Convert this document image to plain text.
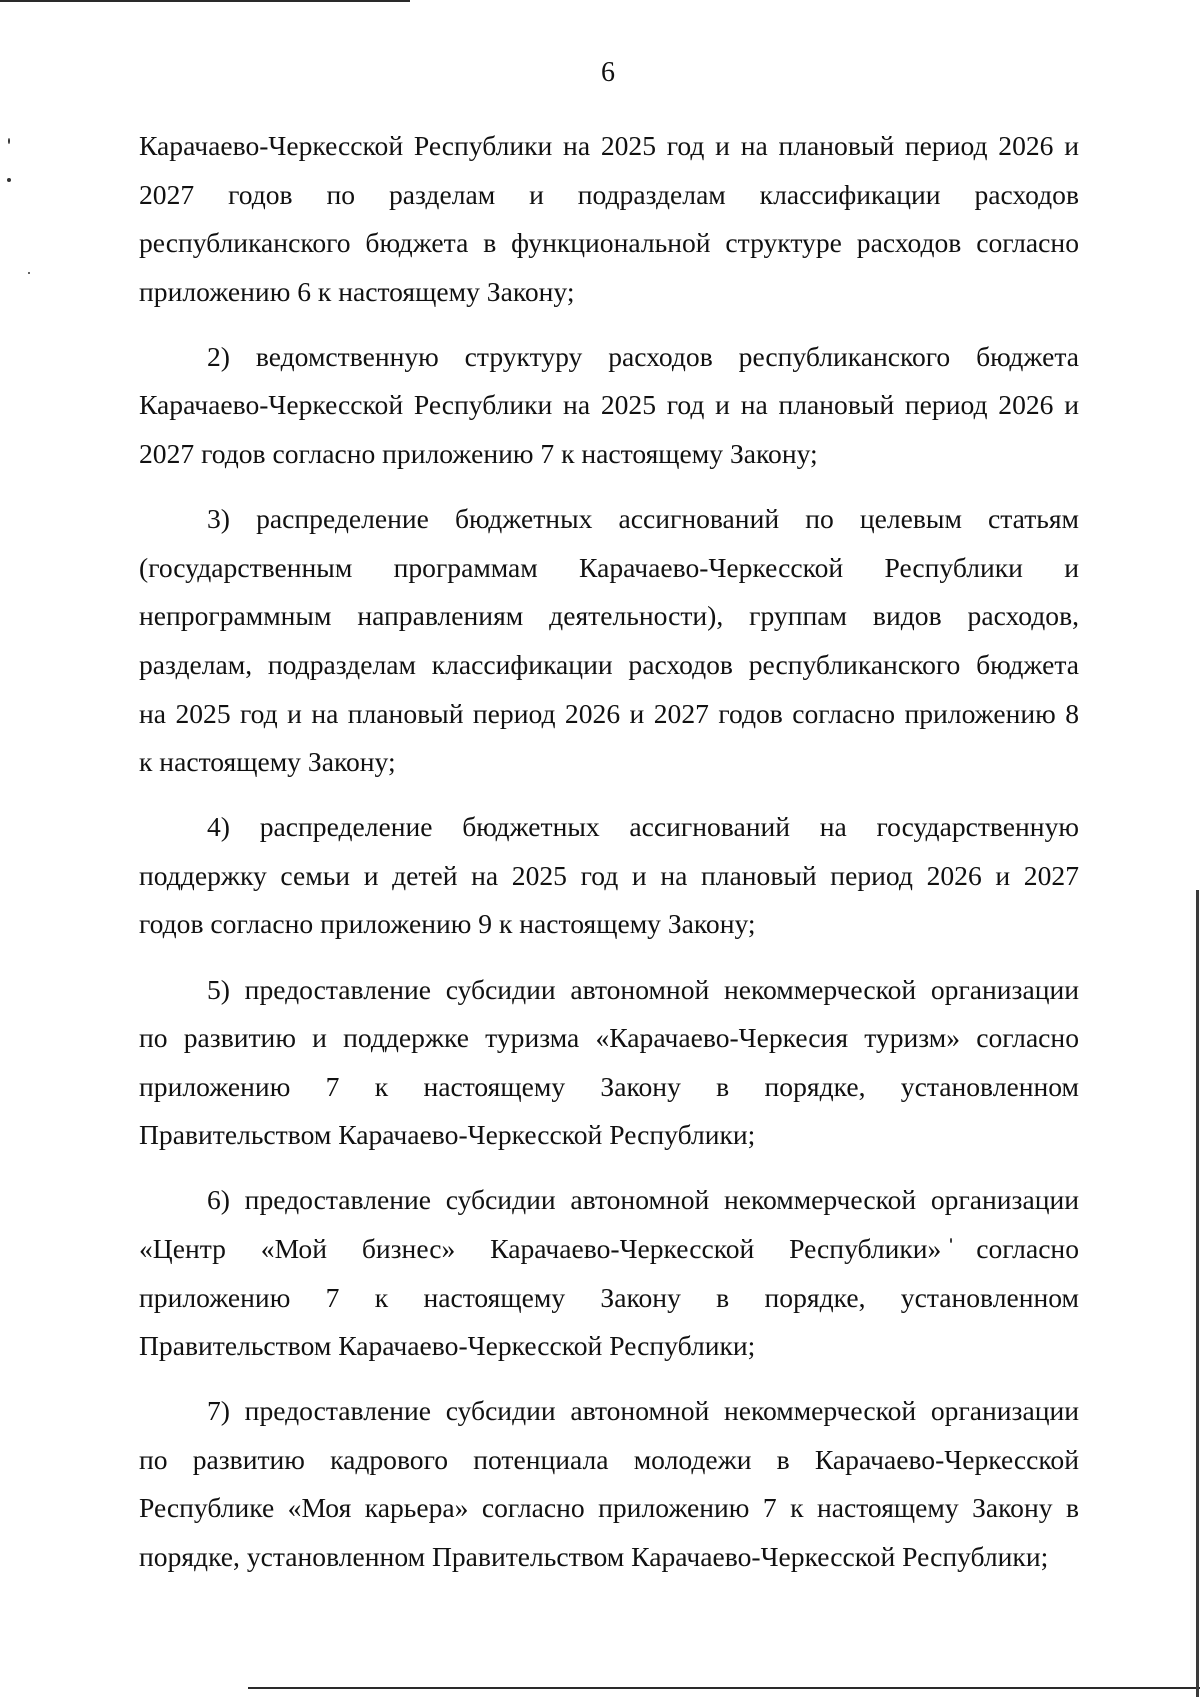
6
Карачаево-Черкесской Республики на 2025 год и на плановый период 2026 и
2027 годов по разделам и подразделам классификации расходов
республиканского бюджета в функциональной структуре расходов согласно
приложению 6 к настоящему Закону;
2) ведомственную структуру расходов республиканского бюджета
Карачаево-Черкесской Республики на 2025 год и на плановый период 2026 и
2027 годов согласно приложению 7 к настоящему Закону;
3) распределение бюджетных ассигнований по целевым статьям
(государственным программам Карачаево-Черкесской Республики и
непрограммным направлениям деятельности), группам видов расходов,
разделам, подразделам классификации расходов республиканского бюджета
на 2025 год и на плановый период 2026 и 2027 годов согласно приложению 8
к настоящему Закону;
4) распределение бюджетных ассигнований на государственную
поддержку семьи и детей на 2025 год и на плановый период 2026 и 2027
годов согласно приложению 9 к настоящему Закону;
5) предоставление субсидии автономной некоммерческой организации
по развитию и поддержке туризма «Карачаево-Черкесия туризм» согласно
приложению 7 к настоящему Закону в порядке, установленном
Правительством Карачаево-Черкесской Республики;
6) предоставление субсидии автономной некоммерческой организации
«Центр «Мой бизнес» Карачаево-Черкесской Республики» согласно
приложению 7 к настоящему Закону в порядке, установленном
Правительством Карачаево-Черкесской Республики;
7) предоставление субсидии автономной некоммерческой организации
по развитию кадрового потенциала молодежи в Карачаево-Черкесской
Республике «Моя карьера» согласно приложению 7 к настоящему Закону в
порядке, установленном Правительством Карачаево-Черкесской Республики;
